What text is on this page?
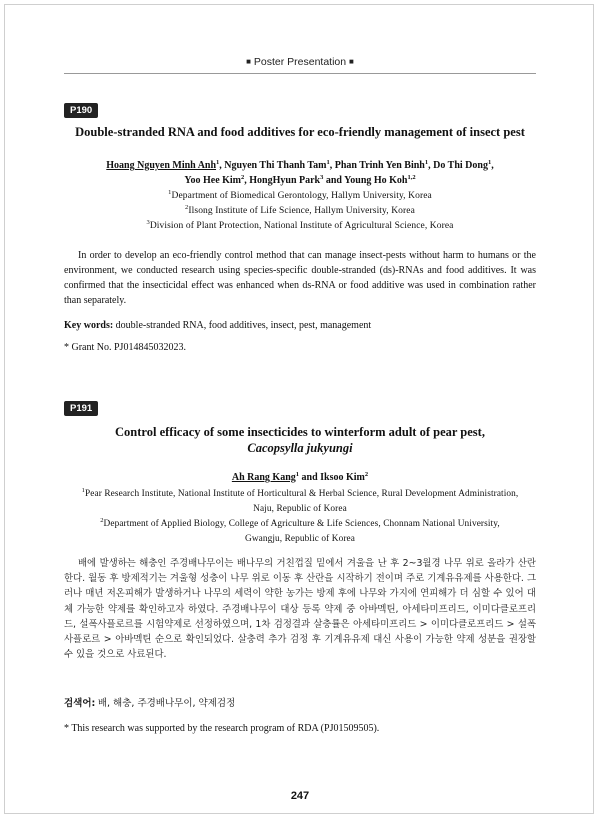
■ Poster Presentation ■
P190
Double-stranded RNA and food additives for eco-friendly management of insect pest
Hoang Nguyen Minh Anh$^1$, Nguyen Thi Thanh Tam$^1$, Phan Trinh Yen Binh$^1$, Do Thi Dong$^1$,
Yoo Hee Kim$^2$, HongHyun Park$^3$ and Young Ho Koh$^{1,2}$
$^1$Department of Biomedical Gerontology, Hallym University, Korea
$^2$Ilsong Institute of Life Science, Hallym University, Korea
$^3$Division of Plant Protection, National Institute of Agricultural Science, Korea

In order to develop an eco-friendly control method that can manage insect-pests without harm to humans or the environment, we conducted research using species-specific double-stranded (ds)-RNAs and food additives. It was confirmed that the insecticidal effect was enhanced when ds-RNA or food additive was used in combination rather than separately.

Key words: double-stranded RNA, food additives, insect, pest, management
* Grant No. PJ014845032023.
P191
Control efficacy of some insecticides to winterform adult of pear pest,
Cacopsylla jukyungi
Ah Rang Kang$^1$ and Iksoo Kim$^2$
$^1$Pear Research Institute, National Institute of Horticultural & Herbal Science, Rural Development Administration,
Naju, Republic of Korea
$^2$Department of Applied Biology, College of Agriculture & Life Sciences, Chonnam National University,
Gwangju, Republic of Korea

배에 발생하는 해충인 주경배나무이는 배나무의 거친껍질 밑에서 겨울을 난 후 2~3월경 나무 위로 올라가 산란한다. 월동 후 방제적기는 겨울형 성충이 나무 위로 이동 후 산란을 시작하기 전이며 주로 기계유유제를 사용한다. 그러나 매년 저온피해가 발생하거나 나무의 세력이 약한 농가는 방제 후에 나무와 가지에 연피해가 더 심할 수 있어 대체 가능한 약제를 확인하고자 하였다. 주경배나무이 대상 등록 약제 중 아바멕틴, 아세타미프리드, 이미다클로프리드, 설폭사플로르를 시험약제로 선정하였으며, 1차 검정결과 살충률은 아세타미프리드 > 이미다클로프리드 > 설폭사플로르 > 아바멕틴 순으로 확인되었다. 살충력 추가 검정 후 기계유유제 대신 사용이 가능한 약제 성분을 권장할 수 있을 것으로 사료된다.

검색어: 배, 해충, 주경배나무이, 약제검정
* This research was supported by the research program of RDA (PJ01509505).
247
